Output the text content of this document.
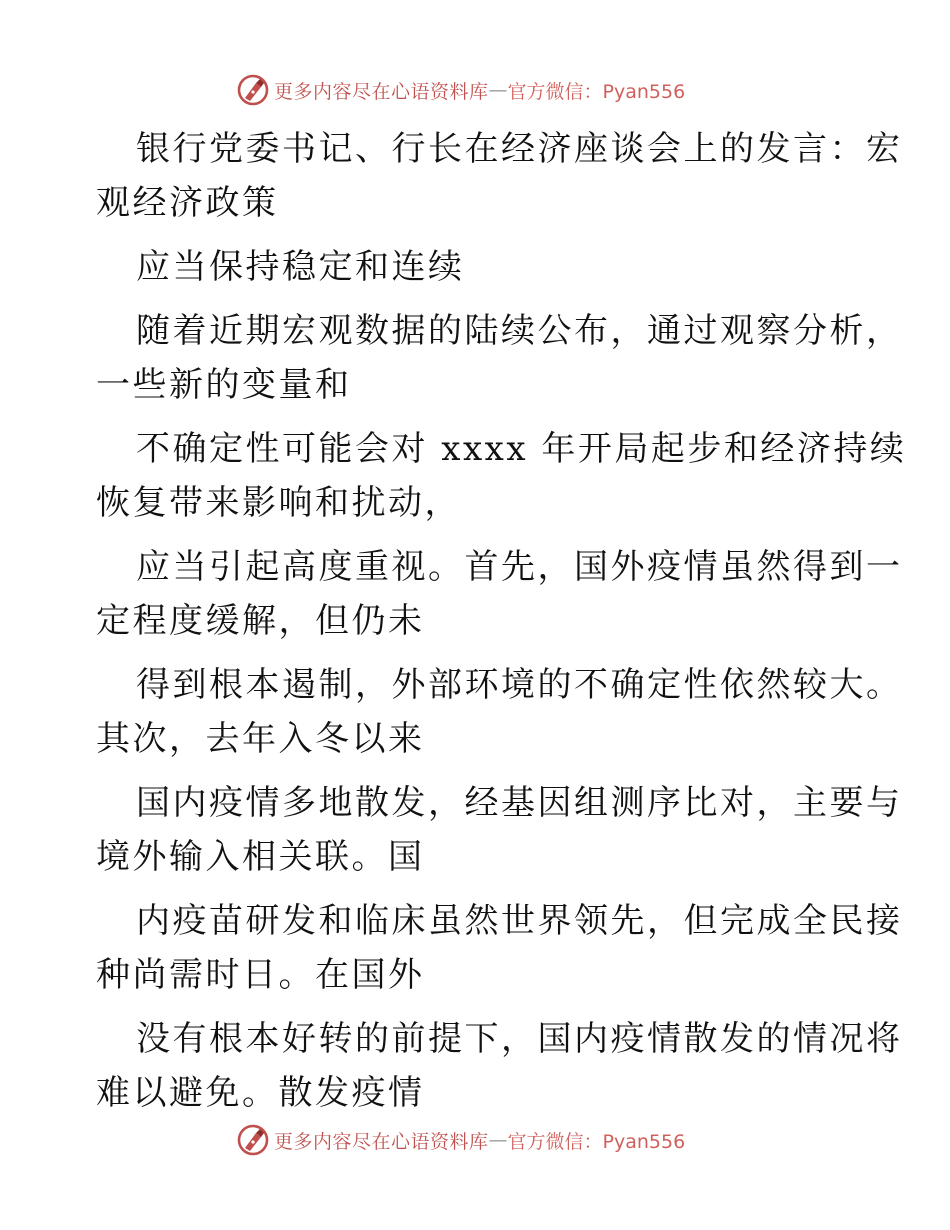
更多内容尽在心语资料库 — 官方微信：Pyan556
银行党委书记、行长在经济座谈会上的发言：宏
观经济政策
应当保持稳定和连续
随着近期宏观数据的陆续公布，通过观察分析，
一些新的变量和
不确定性可能会对 xxxx 年开局起步和经济持续
恢复带来影响和扰动，
应当引起高度重视。首先，国外疫情虽然得到一
定程度缓解，但仍未
得到根本遏制，外部环境的不确定性依然较大。
其次，去年入冬以来
国内疫情多地散发，经基因组测序比对，主要与
境外输入相关联。国
内疫苗研发和临床虽然世界领先，但完成全民接
种尚需时日。在国外
没有根本好转的前提下，国内疫情散发的情况将
难以避免。散发疫情
更多内容尽在心语资料库 — 官方微信：Pyan556
